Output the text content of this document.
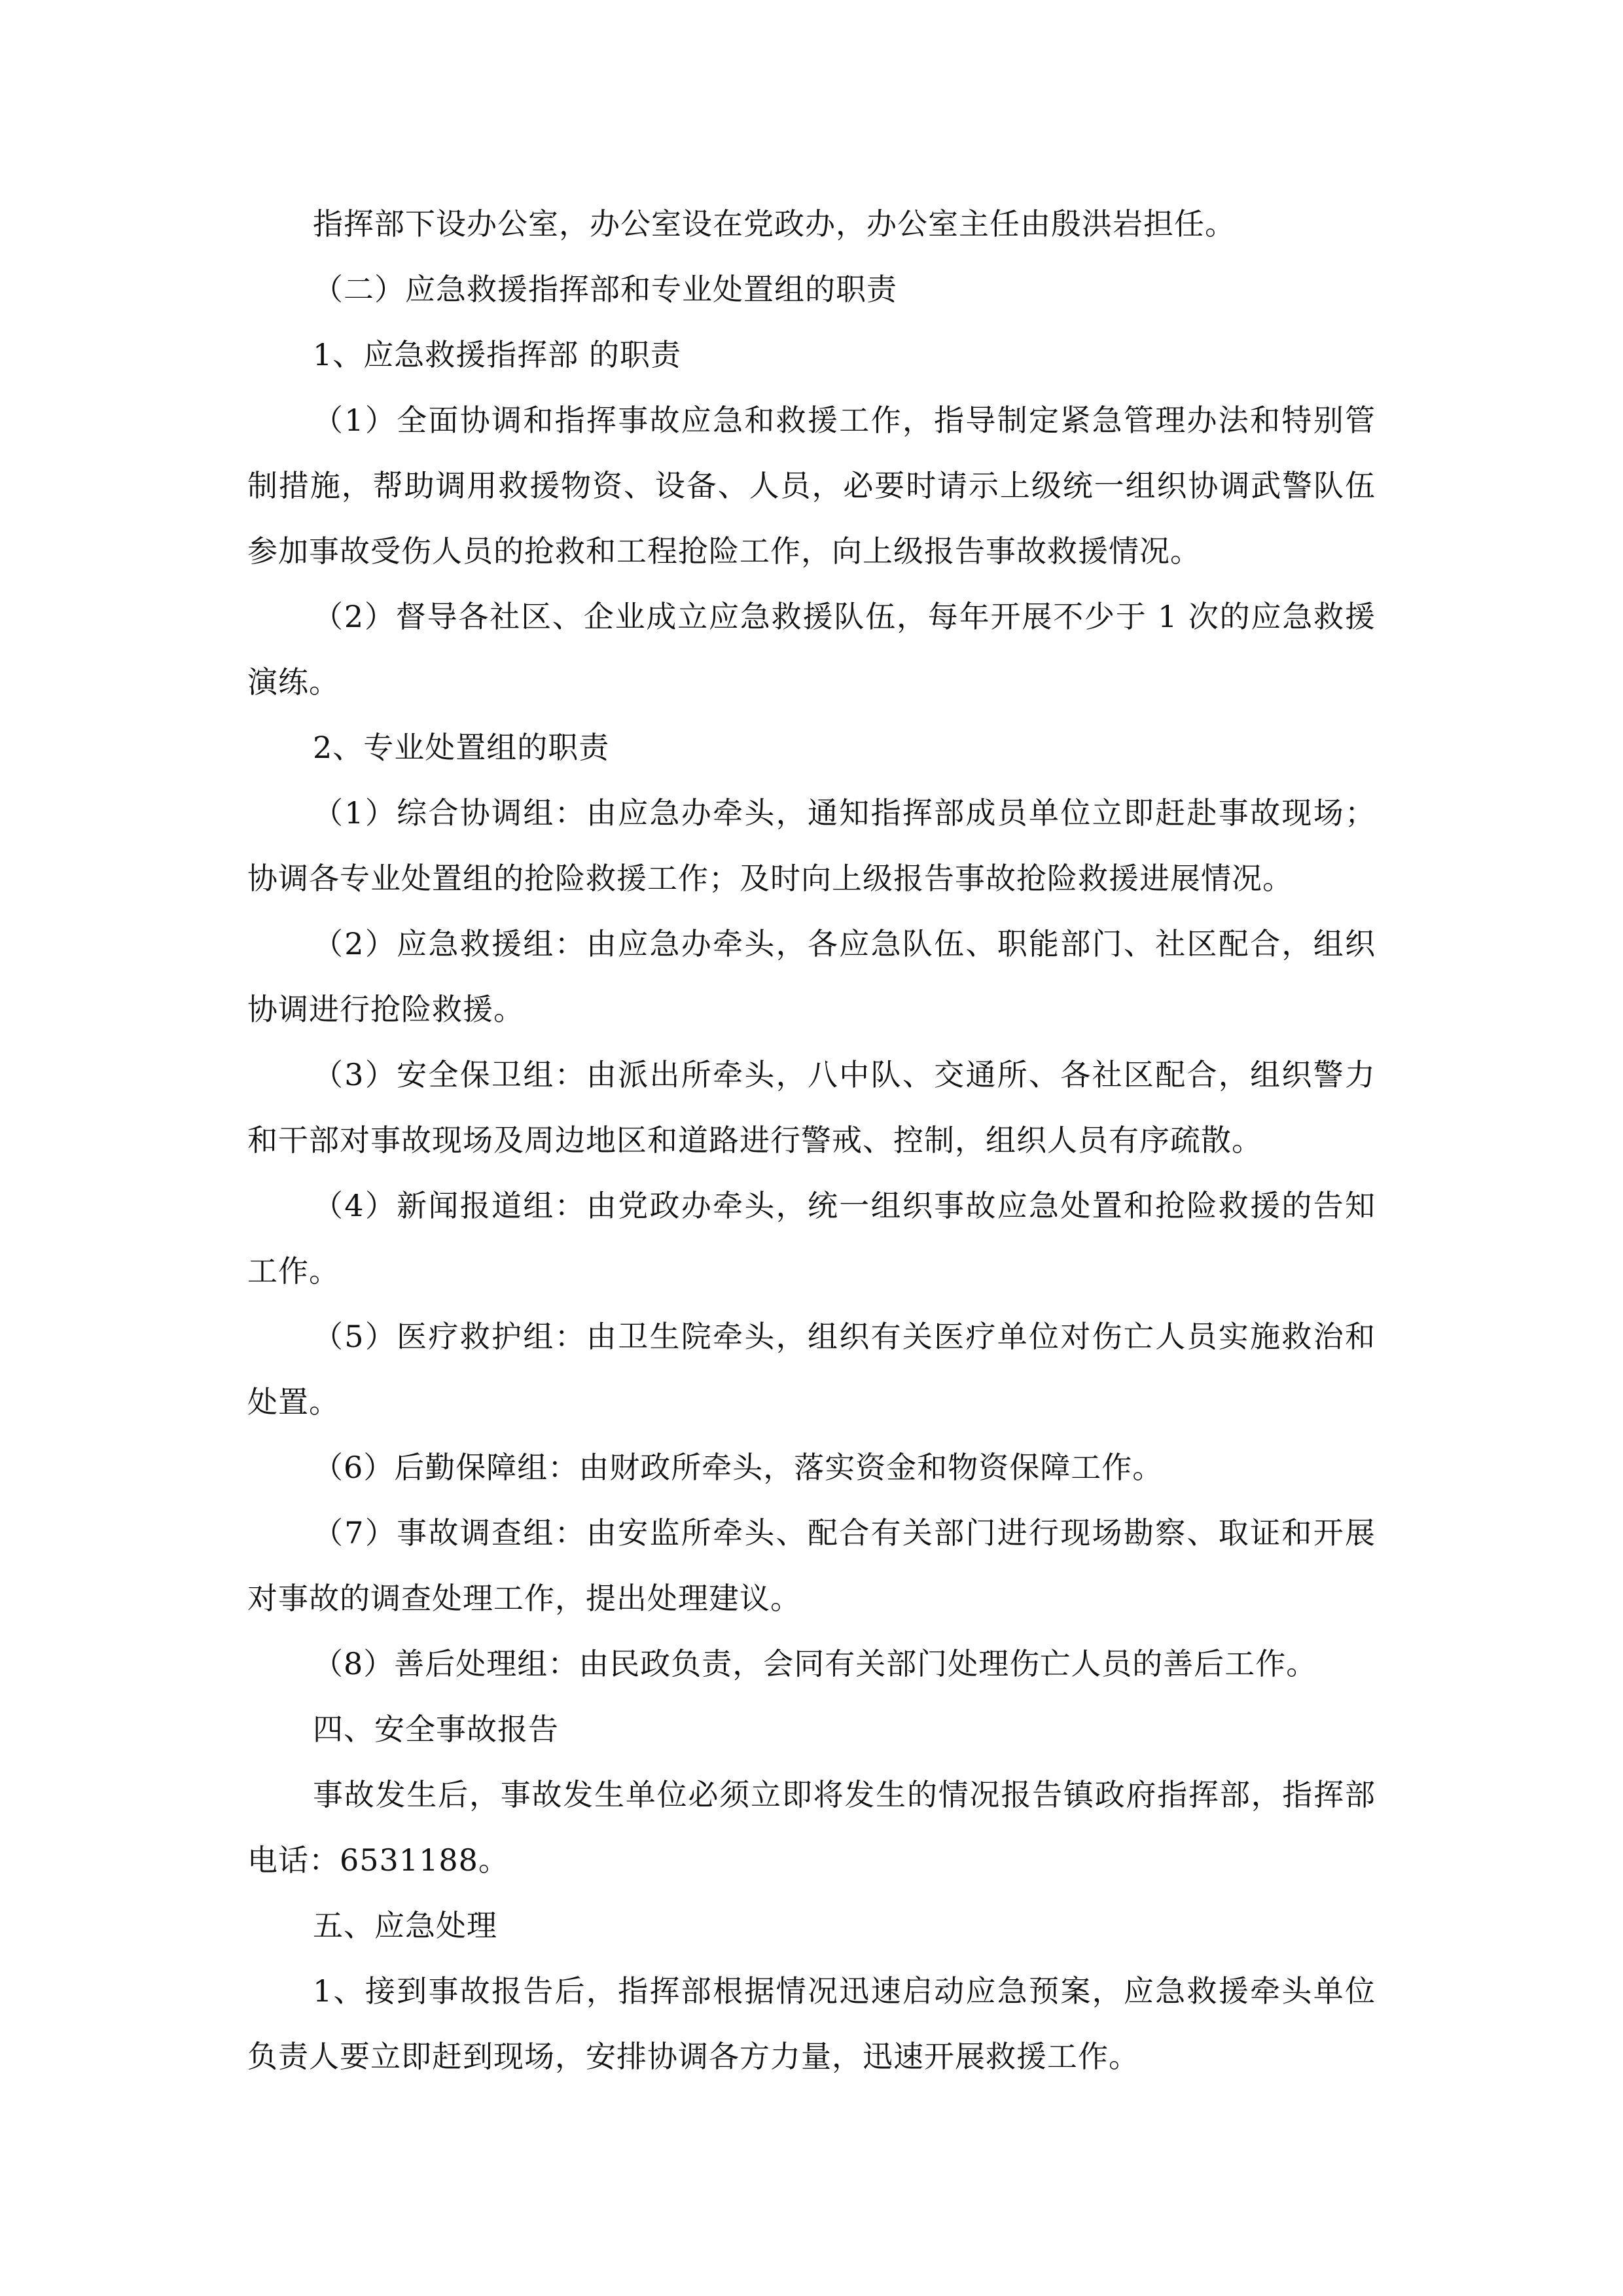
指挥部下设办公室，办公室设在党政办，办公室主任由殷洪岩担任。

（二）应急救援指挥部和专业处置组的职责

1、应急救援指挥部 的职责

（1）全面协调和指挥事故应急和救援工作，指导制定紧急管理办法和特别管制措施，帮助调用救援物资、设备、人员，必要时请示上级统一组织协调武警队伍参加事故受伤人员的抢救和工程抢险工作，向上级报告事故救援情况。

（2）督导各社区、企业成立应急救援队伍，每年开展不少于 1 次的应急救援演练。

2、专业处置组的职责

（1）综合协调组：由应急办牵头，通知指挥部成员单位立即赶赴事故现场；协调各专业处置组的抢险救援工作；及时向上级报告事故抢险救援进展情况。

（2）应急救援组：由应急办牵头，各应急队伍、职能部门、社区配合，组织协调进行抢险救援。

（3）安全保卫组：由派出所牵头，八中队、交通所、各社区配合，组织警力和干部对事故现场及周边地区和道路进行警戒、控制，组织人员有序疏散。

（4）新闻报道组：由党政办牵头，统一组织事故应急处置和抢险救援的告知工作。

（5）医疗救护组：由卫生院牵头，组织有关医疗单位对伤亡人员实施救治和处置。

（6）后勤保障组：由财政所牵头，落实资金和物资保障工作。

（7）事故调查组：由安监所牵头、配合有关部门进行现场勘察、取证和开展对事故的调查处理工作，提出处理建议。

（8）善后处理组：由民政负责，会同有关部门处理伤亡人员的善后工作。

四、安全事故报告

事故发生后，事故发生单位必须立即将发生的情况报告镇政府指挥部，指挥部电话：6531188。

五、应急处理

1、接到事故报告后，指挥部根据情况迅速启动应急预案，应急救援牵头单位负责人要立即赶到现场，安排协调各方力量，迅速开展救援工作。
